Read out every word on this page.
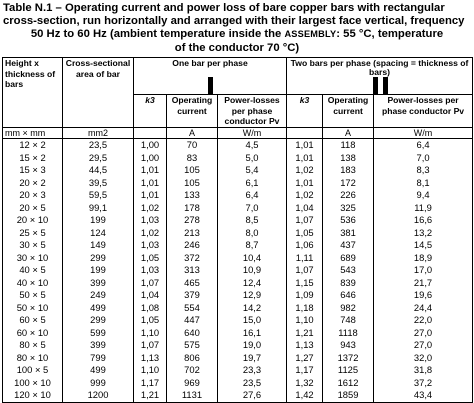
Table N.1 – Operating current and power loss of bare copper bars with rectangular
cross-section, run horizontally and arranged with their largest face vertical, frequency
50 Hz to 60 Hz (ambient temperature inside the ASSEMBLY: 55 °C, temperature
of the conductor 70 °C)
Height x thickness of bars	Cross-sectional area of bar	One bar per phase			Two bars per phase (spacing = thickness of bars)		

		k3	Operating current	Power-losses per phase conductor Pv	k3	Operating current	Power-losses per phase conductor Pv
mm × mm	mm2		A	W/m		A	W/m
12 × 2	23,5	1,00	70	4,5	1,01	118	6,4
15 × 2	29,5	1,00	83	5,0	1,01	138	7,0
15 × 3	44,5	1,01	105	5,4	1,02	183	8,3
20 × 2	39,5	1,01	105	6,1	1,01	172	8,1
20 × 3	59,5	1,01	133	6,4	1,02	226	9,4
20 × 5	99,1	1,02	178	7,0	1,04	325	11,9
20 × 10	199	1,03	278	8,5	1,07	536	16,6
25 × 5	124	1,02	213	8,0	1,05	381	13,2
30 × 5	149	1,03	246	8,7	1,06	437	14,5
30 × 10	299	1,05	372	10,4	1,11	689	18,9
40 × 5	199	1,03	313	10,9	1,07	543	17,0
40 × 10	399	1,07	465	12,4	1,15	839	21,7
50 × 5	249	1,04	379	12,9	1,09	646	19,6
50 × 10	499	1,08	554	14,2	1,18	982	24,4
60 × 5	299	1,05	447	15,0	1,10	748	22,0
60 × 10	599	1,10	640	16,1	1,21	1118	27,0
80 × 5	399	1,07	575	19,0	1,13	943	27,0
80 × 10	799	1,13	806	19,7	1,27	1372	32,0
100 × 5	499	1,10	702	23,3	1,17	1125	31,8
100 × 10	999	1,17	969	23,5	1,32	1612	37,2
120 × 10	1200	1,21	1131	27,6	1,42	1859	43,4
